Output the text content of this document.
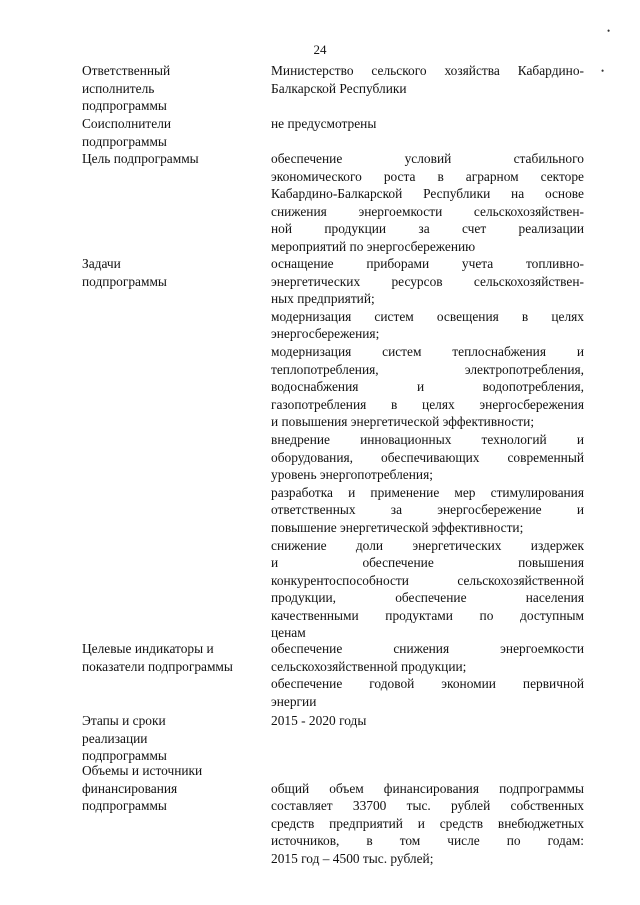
24
•
•
Ответственный
исполнитель
подпрограммы
Министерство сельского хозяйства Кабардино-
Балкарской Республики
Соисполнители
подпрограммы
не предусмотрены
Цель подпрограммы	обеспечение условий стабильного
экономического роста в аграрном секторе
Кабардино-Балкарской Республики на основе
снижения энергоемкости сельскохозяйствен-
ной продукции за счет реализации
мероприятий по энергосбережению
Задачи
подпрограммы
оснащение приборами учета топливно-
энергетических ресурсов сельскохозяйствен-
ных предприятий;
модернизация систем освещения в целях
энергосбережения;
модернизация систем теплоснабжения и
теплопотребления, электропотребления,
водоснабжения и водопотребления,
газопотребления в целях энергосбережения
и повышения энергетической эффективности;
внедрение инновационных технологий и
оборудования, обеспечивающих современный
уровень энергопотребления;
разработка и применение мер стимулирования
ответственных за энергосбережение и
повышение энергетической эффективности;
снижение доли энергетических издержек
и обеспечение повышения
конкурентоспособности сельскохозяйственной
продукции, обеспечение населения
качественными продуктами по доступным
ценам
Целевые индикаторы и
показатели подпрограммы
обеспечение снижения энергоемкости
сельскохозяйственной продукции;
обеспечение годовой экономии первичной
энергии
Этапы и сроки
реализации
подпрограммы
2015 - 2020 годы
Объемы и источники
финансирования
подпрограммы

общий объем финансирования подпрограммы
составляет 33700 тыс. рублей собственных
средств предприятий и средств внебюджетных
источников, в том числе по годам:
2015 год – 4500 тыс. рублей;
